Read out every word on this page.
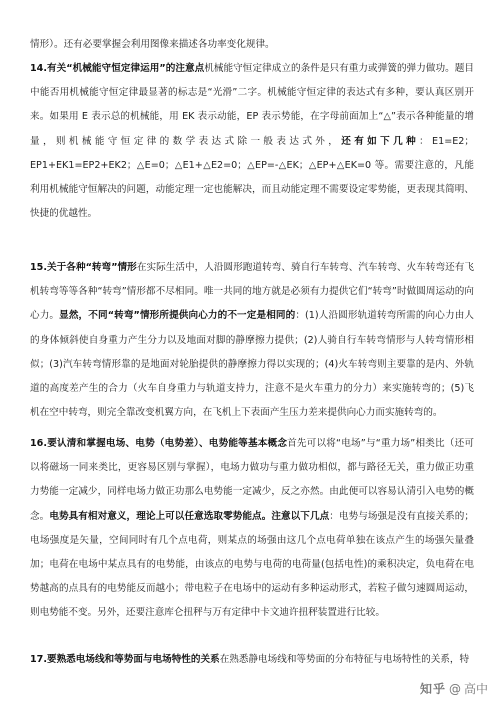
情形）。还有必要掌握会利用图像来描述各功率变化规律。

14.有关“机械能守恒定律运用”的注意点机械能守恒定律成立的条件是只有重力或弹簧的弹力做功。题目中能否用机械能守恒定律最显著的标志是“光滑”二字。机械能守恒定律的表达式有多种，要认真区别开来。如果用 E 表示总的机械能，用 EK 表示动能，EP 表示势能，在字母前面加上“△”表示各种能量的增量，则机械能守恒定律的数学表达式除一般表达式外，还有如下几种：E1=E2；EP1+EK1=EP2+EK2；△E=0；△E1+△E2=0；△EP=-△EK；△EP+△EK=0 等。需要注意的，凡能利用机械能守恒解决的问题，动能定理一定也能解决，而且动能定理不需要设定零势能，更表现其简明、快捷的优越性。

15.关于各种“转弯”情形在实际生活中，人沿圆形跑道转弯、骑自行车转弯、汽车转弯、火车转弯还有飞机转弯等等各种“转弯”情形都不尽相同。唯一共同的地方就是必须有力提供它们“转弯”时做圆周运动的向心力。显然，不同“转弯”情形所提供向心力的不一定是相同的：(1)人沿圆形轨道转弯所需的向心力由人的身体倾斜使自身重力产生分力以及地面对脚的静摩擦力提供；(2)人骑自行车转弯情形与人转弯情形相似；(3)汽车转弯情形靠的是地面对轮胎提供的静摩擦力得以实现的；(4)火车转弯则主要靠的是内、外轨道的高度差产生的合力（火车自身重力与轨道支持力，注意不是火车重力的分力）来实施转弯的；(5)飞机在空中转弯，则完全靠改变机翼方向，在飞机上下表面产生压力差来提供向心力而实施转弯的。

16.要认清和掌握电场、电势（电势差）、电势能等基本概念首先可以将“电场”与“重力场”相类比（还可以将磁场一同来类比，更容易区别与掌握），电场力做功与重力做功相似，都与路径无关，重力做正功重力势能一定减少，同样电场力做正功那么电势能一定减少，反之亦然。由此便可以容易认清引入电势的概念。电势具有相对意义，理论上可以任意选取零势能点。注意以下几点：电势与场强是没有直接关系的；电场强度是矢量，空间同时有几个点电荷，则某点的场强由这几个点电荷单独在该点产生的场强矢量叠加；电荷在电场中某点具有的电势能，由该点的电势与电荷的电荷量(包括电性)的乘积决定，负电荷在电势越高的点具有的电势能反而越小；带电粒子在电场中的运动有多种运动形式，若粒子做匀速圆周运动，则电势能不变。另外，还要注意库仑扭秤与万有定律中卡文迪许扭秤装置进行比较。

17.要熟悉电场线和等势面与电场特性的关系在熟悉静电场线和等势面的分布特征与电场特性的关系，特

知乎 @ 高中
